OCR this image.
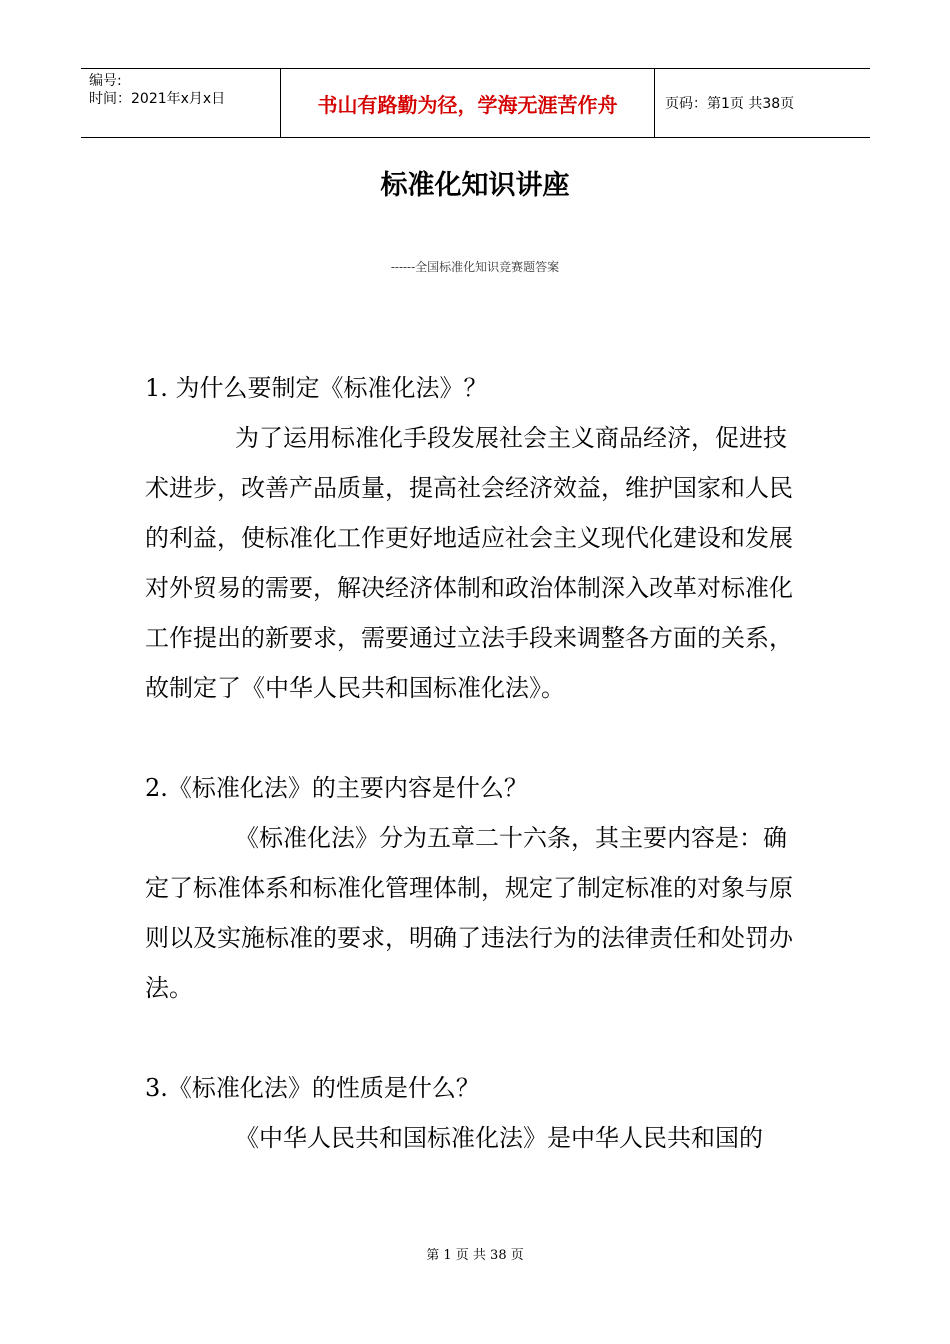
编号:
时间：2021年x月x日	书山有路勤为径，学海无涯苦作舟	页码：第1页 共38页
标准化知识讲座
------全国标准化知识竞赛题答案

1. 为什么要制定《标准化法》？

为了运用标准化手段发展社会主义商品经济，促进技术进步，改善产品质量，提高社会经济效益，维护国家和人民的利益，使标准化工作更好地适应社会主义现代化建设和发展对外贸易的需要，解决经济体制和政治体制深入改革对标准化工作提出的新要求，需要通过立法手段来调整各方面的关系，故制定了《中华人民共和国标准化法》。

2.《标准化法》的主要内容是什么？

《标准化法》分为五章二十六条，其主要内容是：确定了标准体系和标准化管理体制，规定了制定标准的对象与原则以及实施标准的要求，明确了违法行为的法律责任和处罚办法。

3.《标准化法》的性质是什么？

《中华人民共和国标准化法》是中华人民共和国的

第 1 页 共 38 页
